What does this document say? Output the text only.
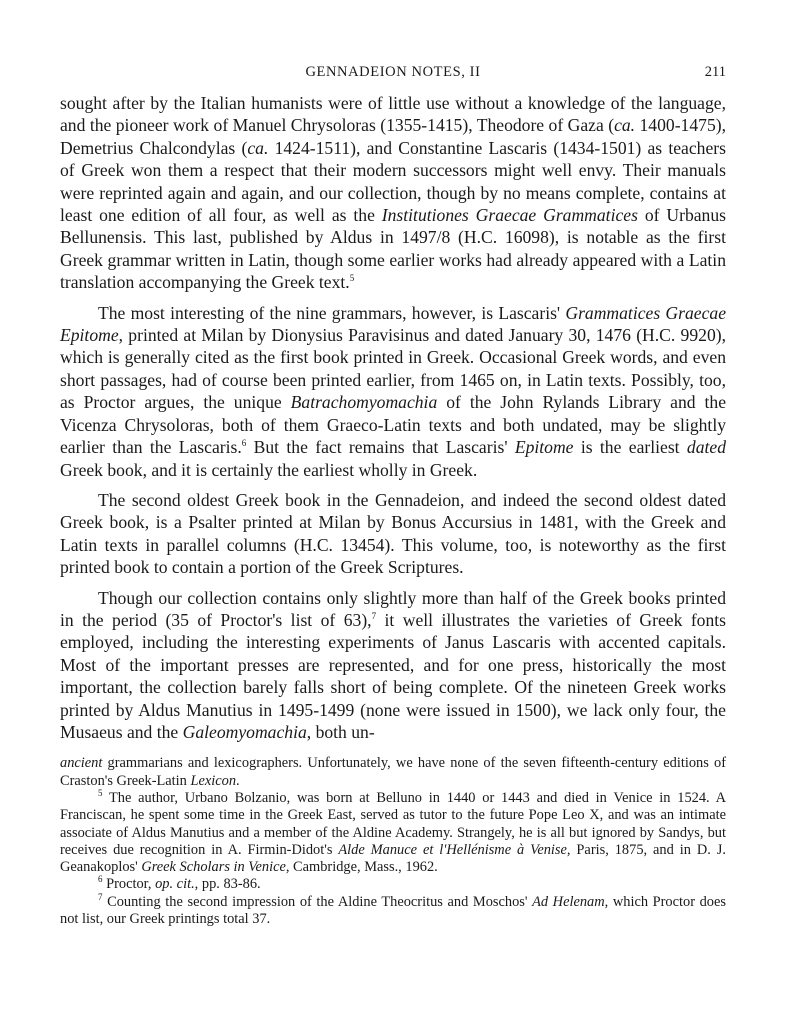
GENNADEION NOTES, II	211

sought after by the Italian humanists were of little use without a knowledge of the language, and the pioneer work of Manuel Chrysoloras (1355-1415), Theodore of Gaza (ca. 1400-1475), Demetrius Chalcondylas (ca. 1424-1511), and Constantine Lascaris (1434-1501) as teachers of Greek won them a respect that their modern successors might well envy. Their manuals were reprinted again and again, and our collection, though by no means complete, contains at least one edition of all four, as well as the Institutiones Graecae Grammatices of Urbanus Bellunensis. This last, published by Aldus in 1497/8 (H.C. 16098), is notable as the first Greek grammar written in Latin, though some earlier works had already appeared with a Latin translation accompanying the Greek text.$^5$

The most interesting of the nine grammars, however, is Lascaris' Grammatices Graecae Epitome, printed at Milan by Dionysius Paravisinus and dated January 30, 1476 (H.C. 9920), which is generally cited as the first book printed in Greek. Occasional Greek words, and even short passages, had of course been printed earlier, from 1465 on, in Latin texts. Possibly, too, as Proctor argues, the unique Batrachomyomachia of the John Rylands Library and the Vicenza Chrysoloras, both of them Graeco-Latin texts and both undated, may be slightly earlier than the Lascaris.$^6$ But the fact remains that Lascaris' Epitome is the earliest dated Greek book, and it is certainly the earliest wholly in Greek.

The second oldest Greek book in the Gennadeion, and indeed the second oldest dated Greek book, is a Psalter printed at Milan by Bonus Accursius in 1481, with the Greek and Latin texts in parallel columns (H.C. 13454). This volume, too, is noteworthy as the first printed book to contain a portion of the Greek Scriptures.

Though our collection contains only slightly more than half of the Greek books printed in the period (35 of Proctor's list of 63),$^7$ it well illustrates the varieties of Greek fonts employed, including the interesting experiments of Janus Lascaris with accented capitals. Most of the important presses are represented, and for one press, historically the most important, the collection barely falls short of being complete. Of the nineteen Greek works printed by Aldus Manutius in 1495-1499 (none were issued in 1500), we lack only four, the Musaeus and the Galeomyomachia, both un-

ancient grammarians and lexicographers. Unfortunately, we have none of the seven fifteenth-century editions of Craston's Greek-Latin Lexicon.

$^5$ The author, Urbano Bolzanio, was born at Belluno in 1440 or 1443 and died in Venice in 1524. A Franciscan, he spent some time in the Greek East, served as tutor to the future Pope Leo X, and was an intimate associate of Aldus Manutius and a member of the Aldine Academy. Strangely, he is all but ignored by Sandys, but receives due recognition in A. Firmin-Didot's Alde Manuce et l'Hellénisme à Venise, Paris, 1875, and in D. J. Geanakoplos' Greek Scholars in Venice, Cambridge, Mass., 1962.

$^6$ Proctor, op. cit., pp. 83-86.

$^7$ Counting the second impression of the Aldine Theocritus and Moschos' Ad Helenam, which Proctor does not list, our Greek printings total 37.
